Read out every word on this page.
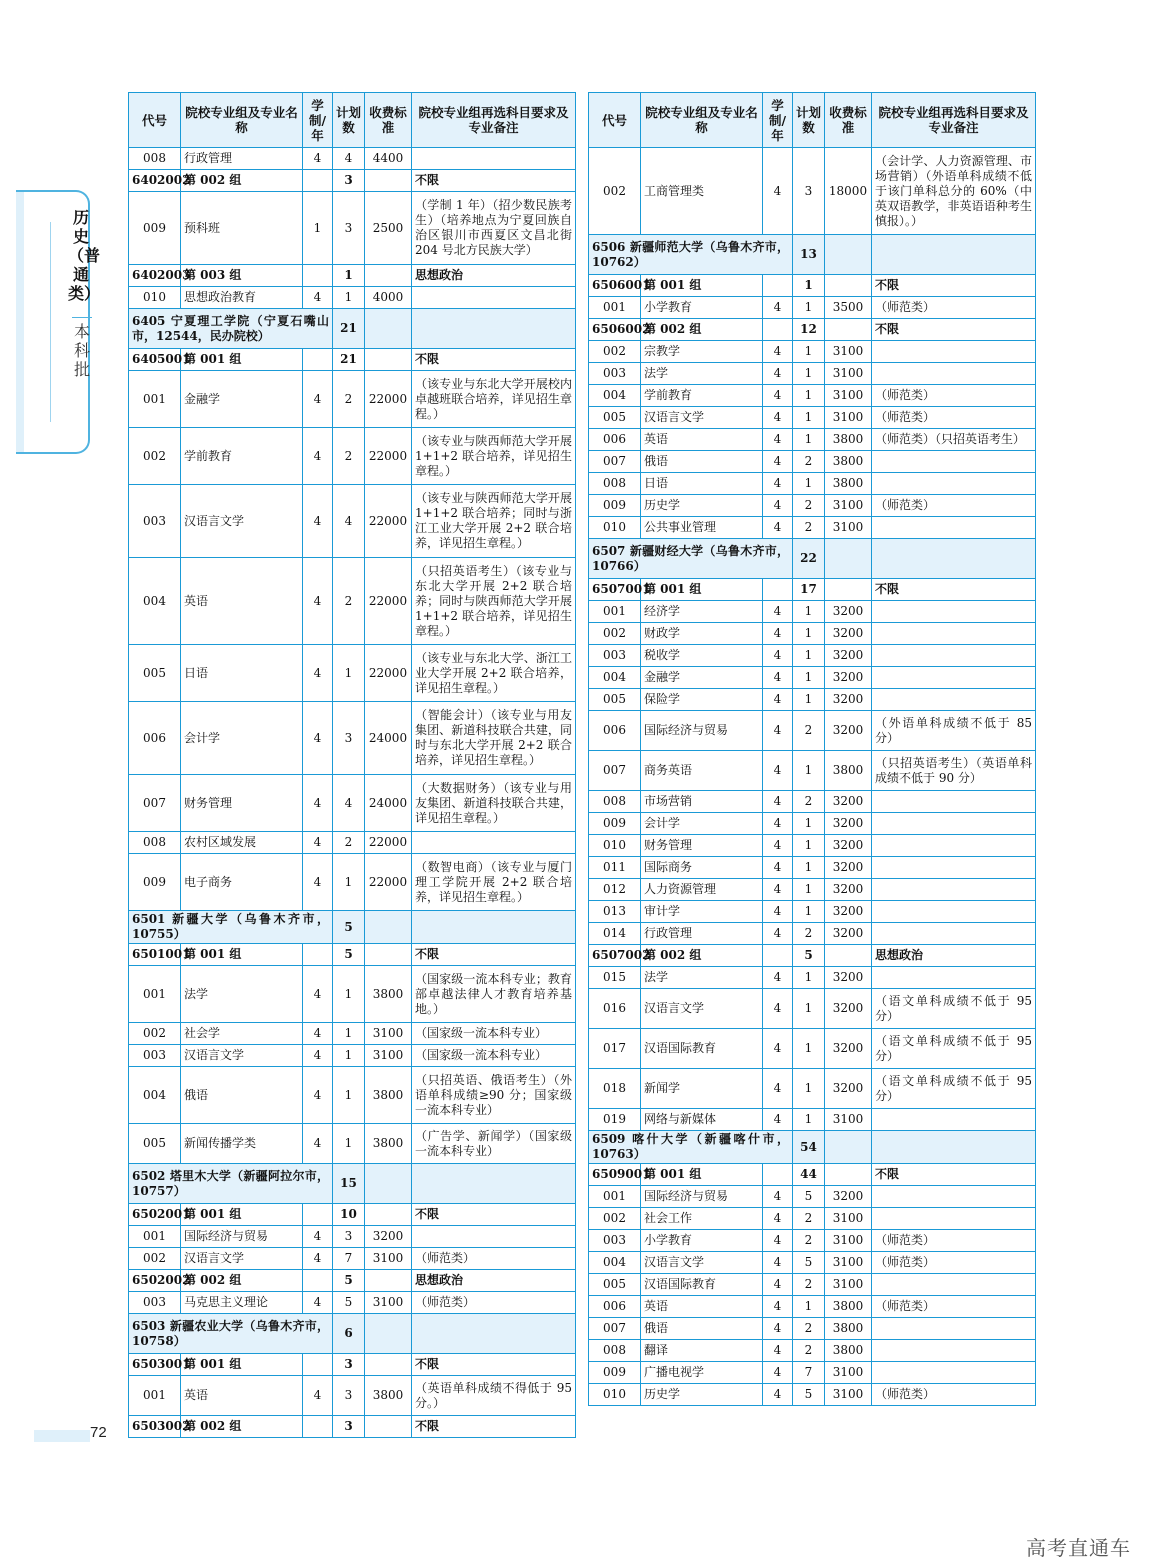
历史（普通类）
本科批
代号	院校专业组及专业名称	学制/年	计划数	收费标准	院校专业组再选科目要求及专业备注
008	行政管理	4	4	4400	
6402002	第 002 组		3		不限
009	预科班	1	3	2500	（学制 1 年）（招少数民族考生）（培养地点为宁夏回族自治区银川市西夏区文昌北街 204 号北方民族大学）
6402003	第 003 组		1		思想政治
010	思想政治教育	4	1	4000	
6405 宁夏理工学院（宁夏石嘴山市，12544，民办院校）			21		
6405001	第 001 组		21		不限
001	金融学	4	2	22000	（该专业与东北大学开展校内卓越班联合培养，详见招生章程。）
002	学前教育	4	2	22000	（该专业与陕西师范大学开展 1+1+2 联合培养，详见招生章程。）
003	汉语言文学	4	4	22000	（该专业与陕西师范大学开展 1+1+2 联合培养；同时与浙江工业大学开展 2+2 联合培养，详见招生章程。）
004	英语	4	2	22000	（只招英语考生）（该专业与东北大学开展 2+2 联合培养；同时与陕西师范大学开展 1+1+2 联合培养，详见招生章程。）
005	日语	4	1	22000	（该专业与东北大学、浙江工业大学开展 2+2 联合培养，详见招生章程。）
006	会计学	4	3	24000	（智能会计）（该专业与用友集团、新道科技联合共建，同时与东北大学开展 2+2 联合培养，详见招生章程。）
007	财务管理	4	4	24000	（大数据财务）（该专业与用友集团、新道科技联合共建，详见招生章程。）
008	农村区域发展	4	2	22000	
009	电子商务	4	1	22000	（数智电商）（该专业与厦门理工学院开展 2+2 联合培养，详见招生章程。）
6501 新疆大学（乌鲁木齐市，10755）			5		
6501001	第 001 组		5		不限
001	法学	4	1	3800	（国家级一流本科专业；教育部卓越法律人才教育培养基地。）
002	社会学	4	1	3100	（国家级一流本科专业）
003	汉语言文学	4	1	3100	（国家级一流本科专业）
004	俄语	4	1	3800	（只招英语、俄语考生）（外语单科成绩≥90 分；国家级一流本科专业）
005	新闻传播学类	4	1	3800	（广告学、新闻学）（国家级一流本科专业）
6502 塔里木大学（新疆阿拉尔市，10757）			15		
6502001	第 001 组		10		不限
001	国际经济与贸易	4	3	3200	
002	汉语言文学	4	7	3100	（师范类）
6502002	第 002 组		5		思想政治
003	马克思主义理论	4	5	3100	（师范类）
6503 新疆农业大学（乌鲁木齐市，10758）			6		
6503001	第 001 组		3		不限
001	英语	4	3	3800	（英语单科成绩不得低于 95 分。）
6503002	第 002 组		3		不限
代号	院校专业组及专业名称	学制/年	计划数	收费标准	院校专业组再选科目要求及专业备注
002	工商管理类	4	3	18000	（会计学、人力资源管理、市场营销）（外语单科成绩不低于该门单科总分的 60%（中英双语教学，非英语语种考生慎报）。）
6506 新疆师范大学（乌鲁木齐市，10762）			13		
6506001	第 001 组		1		不限
001	小学教育	4	1	3500	（师范类）
6506002	第 002 组		12		不限
002	宗教学	4	1	3100	
003	法学	4	1	3100	
004	学前教育	4	1	3100	（师范类）
005	汉语言文学	4	1	3100	（师范类）
006	英语	4	1	3800	（师范类）（只招英语考生）
007	俄语	4	2	3800	
008	日语	4	1	3800	
009	历史学	4	2	3100	（师范类）
010	公共事业管理	4	2	3100	
6507 新疆财经大学（乌鲁木齐市，10766）			22		
6507001	第 001 组		17		不限
001	经济学	4	1	3200	
002	财政学	4	1	3200	
003	税收学	4	1	3200	
004	金融学	4	1	3200	
005	保险学	4	1	3200	
006	国际经济与贸易	4	2	3200	（外语单科成绩不低于 85 分）
007	商务英语	4	1	3800	（只招英语考生）（英语单科成绩不低于 90 分）
008	市场营销	4	2	3200	
009	会计学	4	1	3200	
010	财务管理	4	1	3200	
011	国际商务	4	1	3200	
012	人力资源管理	4	1	3200	
013	审计学	4	1	3200	
014	行政管理	4	2	3200	
6507002	第 002 组		5		思想政治
015	法学	4	1	3200	
016	汉语言文学	4	1	3200	（语文单科成绩不低于 95 分）
017	汉语国际教育	4	1	3200	（语文单科成绩不低于 95 分）
018	新闻学	4	1	3200	（语文单科成绩不低于 95 分）
019	网络与新媒体	4	1	3100	
6509 喀什大学（新疆喀什市，10763）			54		
6509001	第 001 组		44		不限
001	国际经济与贸易	4	5	3200	
002	社会工作	4	2	3100	
003	小学教育	4	2	3100	（师范类）
004	汉语言文学	4	5	3100	（师范类）
005	汉语国际教育	4	2	3100	
006	英语	4	1	3800	（师范类）
007	俄语	4	2	3800	
008	翻译	4	2	3800	
009	广播电视学	4	7	3100	
010	历史学	4	5	3100	（师范类）
72
高考直通车
